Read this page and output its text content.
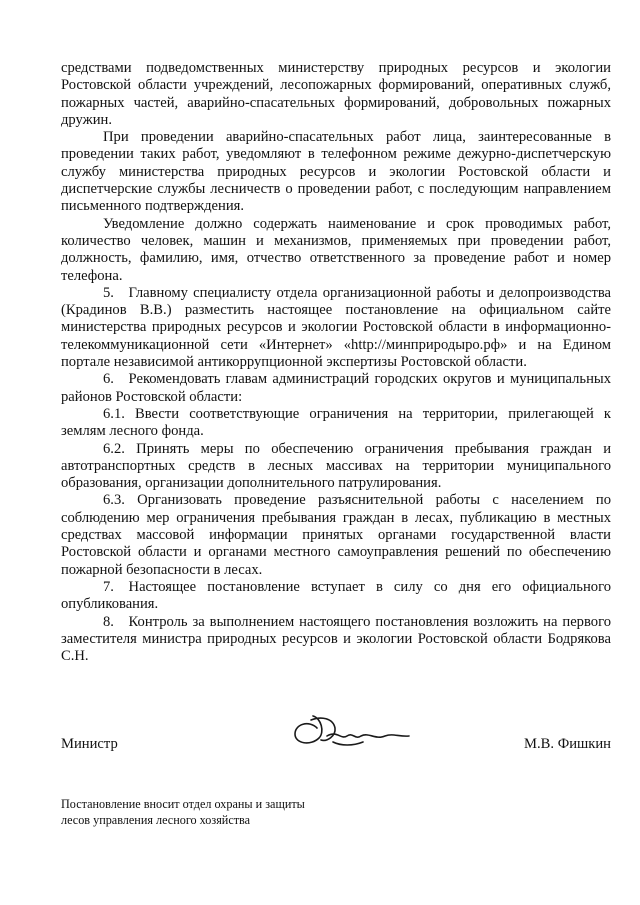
средствами подведомственных министерству природных ресурсов и экологии Ростовской области учреждений, лесопожарных формирований, оперативных служб, пожарных частей, аварийно-спасательных формирований, добровольных пожарных дружин.

При проведении аварийно-спасательных работ лица, заинтересованные в проведении таких работ, уведомляют в телефонном режиме дежурно-диспетчерскую службу министерства природных ресурсов и экологии Ростовской области и диспетчерские службы лесничеств о проведении работ, с последующим направлением письменного подтверждения.

Уведомление должно содержать наименование и срок проводимых работ, количество человек, машин и механизмов, применяемых при проведении работ, должность, фамилию, имя, отчество ответственного за проведение работ и номер телефона.

5. Главному специалисту отдела организационной работы и делопроизводства (Крадинов В.В.) разместить настоящее постановление на официальном сайте министерства природных ресурсов и экологии Ростовской области в информационно-телекоммуникационной сети «Интернет» «http://минприродыро.рф» и на Едином портале независимой антикоррупционной экспертизы Ростовской области.

6. Рекомендовать главам администраций городских округов и муниципальных районов Ростовской области:

6.1. Ввести соответствующие ограничения на территории, прилегающей к землям лесного фонда.

6.2. Принять меры по обеспечению ограничения пребывания граждан и автотранспортных средств в лесных массивах на территории муниципального образования, организации дополнительного патрулирования.

6.3. Организовать проведение разъяснительной работы с населением по соблюдению мер ограничения пребывания граждан в лесах, публикацию в местных средствах массовой информации принятых органами государственной власти Ростовской области и органами местного самоуправления решений по обеспечению пожарной безопасности в лесах.

7. Настоящее постановление вступает в силу со дня его официального опубликования.

8. Контроль за выполнением настоящего постановления возложить на первого заместителя министра природных ресурсов и экологии Ростовской области Бодрякова С.Н.

Министр	М.В. Фишкин
Постановление вносит отдел охраны и защиты
лесов управления лесного хозяйства
